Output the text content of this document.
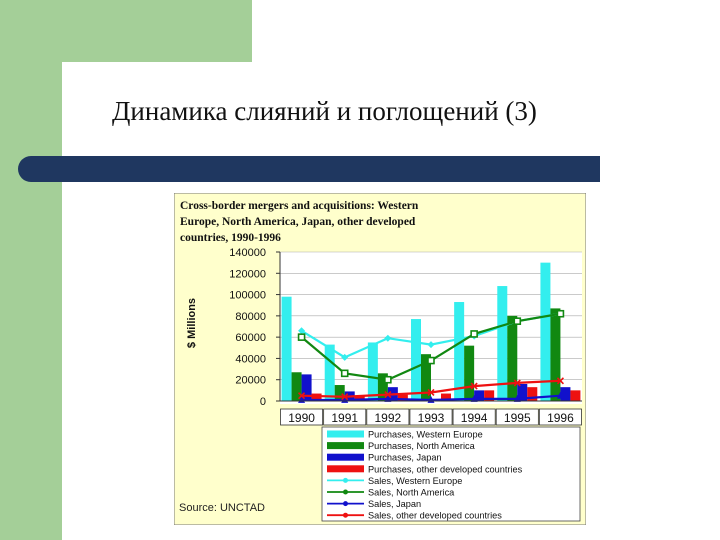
Динамика слияний и поглощений (3)
Cross-border mergers and acquisitions: Western
Europe, North America, Japan, other developed
countries, 1990-1996
$ Millions
0
20000
40000
60000
80000
100000
120000
140000
1990 1991 1992 1993 1994 1995 1996
Purchases, Western Europe
Purchases, North America
Purchases, Japan
Purchases, other developed countries
Sales, Western Europe
Sales, North America
Sales, Japan
Sales, other developed countries
Source: UNCTAD
